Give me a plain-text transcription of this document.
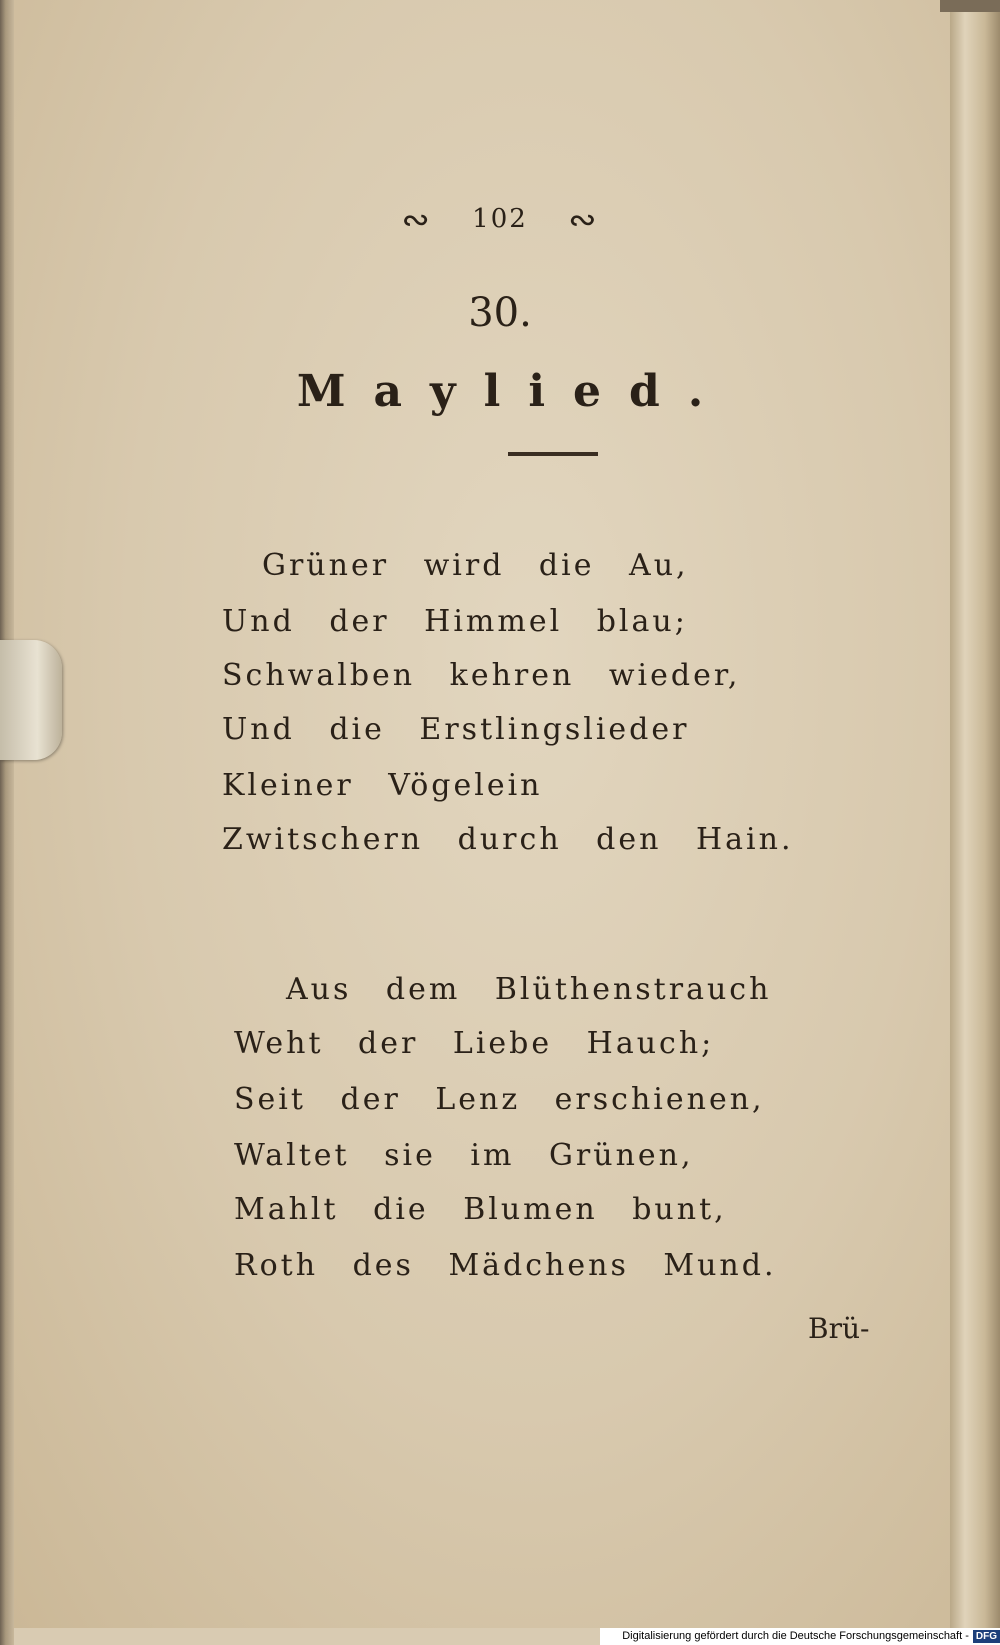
∾ 102 ∾
30.
Maylied.
Grüner wird die Au,
Und der Himmel blau;
Schwalben kehren wieder,
Und die Erstlingslieder
Kleiner Vögelein
Zwitschern durch den Hain.
Aus dem Blüthenstrauch
Weht der Liebe Hauch;
Seit der Lenz erschienen,
Waltet sie im Grünen,
Mahlt die Blumen bunt,
Roth des Mädchens Mund.
Brü-
Digitalisierung gefördert durch die Deutsche Forschungsgemeinschaft - DFG
